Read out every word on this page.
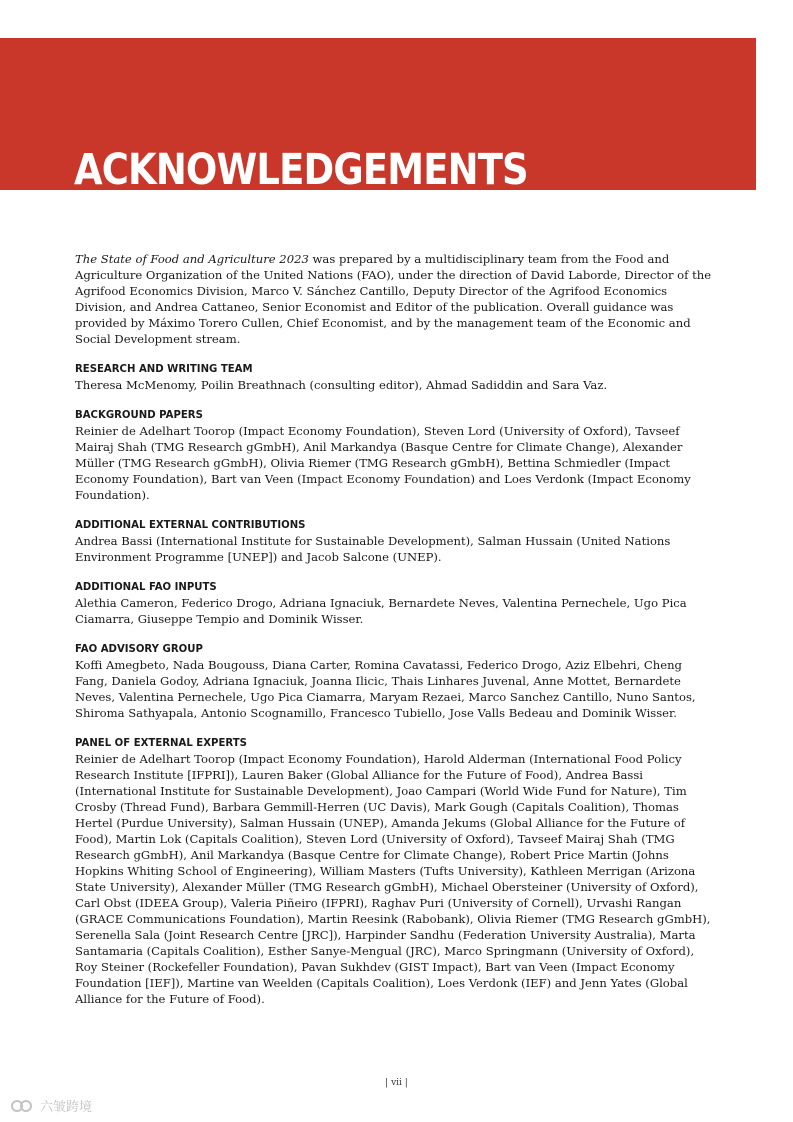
ACKNOWLEDGEMENTS

The State of Food and Agriculture 2023 was prepared by a multidisciplinary team from the Food and Agriculture Organization of the United Nations (FAO), under the direction of David Laborde, Director of the Agrifood Economics Division, Marco V. Sánchez Cantillo, Deputy Director of the Agrifood Economics Division, and Andrea Cattaneo, Senior Economist and Editor of the publication. Overall guidance was provided by Máximo Torero Cullen, Chief Economist, and by the management team of the Economic and Social Development stream.

RESEARCH AND WRITING TEAM

Theresa McMenomy, Poilin Breathnach (consulting editor), Ahmad Sadiddin and Sara Vaz.

BACKGROUND PAPERS

Reinier de Adelhart Toorop (Impact Economy Foundation), Steven Lord (University of Oxford), Tavseef Mairaj Shah (TMG Research gGmbH), Anil Markandya (Basque Centre for Climate Change), Alexander Müller (TMG Research gGmbH), Olivia Riemer (TMG Research gGmbH), Bettina Schmiedler (Impact Economy Foundation), Bart van Veen (Impact Economy Foundation) and Loes Verdonk (Impact Economy Foundation).

ADDITIONAL EXTERNAL CONTRIBUTIONS

Andrea Bassi (International Institute for Sustainable Development), Salman Hussain (United Nations Environment Programme [UNEP]) and Jacob Salcone (UNEP).

ADDITIONAL FAO INPUTS

Alethia Cameron, Federico Drogo, Adriana Ignaciuk, Bernardete Neves, Valentina Pernechele, Ugo Pica Ciamarra, Giuseppe Tempio and Dominik Wisser.

FAO ADVISORY GROUP

Koffi Amegbeto, Nada Bougouss, Diana Carter, Romina Cavatassi, Federico Drogo, Aziz Elbehri, Cheng Fang, Daniela Godoy, Adriana Ignaciuk, Joanna Ilicic, Thais Linhares Juvenal, Anne Mottet, Bernardete Neves, Valentina Pernechele, Ugo Pica Ciamarra, Maryam Rezaei, Marco Sanchez Cantillo, Nuno Santos, Shiroma Sathyapala, Antonio Scognamillo, Francesco Tubiello, Jose Valls Bedeau and Dominik Wisser.

PANEL OF EXTERNAL EXPERTS

Reinier de Adelhart Toorop (Impact Economy Foundation), Harold Alderman (International Food Policy Research Institute [IFPRI]), Lauren Baker (Global Alliance for the Future of Food), Andrea Bassi (International Institute for Sustainable Development), Joao Campari (World Wide Fund for Nature), Tim Crosby (Thread Fund), Barbara Gemmill-Herren (UC Davis), Mark Gough (Capitals Coalition), Thomas Hertel (Purdue University), Salman Hussain (UNEP), Amanda Jekums (Global Alliance for the Future of Food), Martin Lok (Capitals Coalition), Steven Lord (University of Oxford), Tavseef Mairaj Shah (TMG Research gGmbH), Anil Markandya (Basque Centre for Climate Change), Robert Price Martin (Johns Hopkins Whiting School of Engineering), William Masters (Tufts University), Kathleen Merrigan (Arizona State University), Alexander Müller (TMG Research gGmbH), Michael Obersteiner (University of Oxford), Carl Obst (IDEEA Group), Valeria Piñeiro (IFPRI), Raghav Puri (University of Cornell), Urvashi Rangan (GRACE Communications Foundation), Martin Reesink (Rabobank), Olivia Riemer (TMG Research gGmbH), Serenella Sala (Joint Research Centre [JRC]), Harpinder Sandhu (Federation University Australia), Marta Santamaria (Capitals Coalition), Esther Sanye-Mengual (JRC), Marco Springmann (University of Oxford), Roy Steiner (Rockefeller Foundation), Pavan Sukhdev (GIST Impact), Bart van Veen (Impact Economy Foundation [IEF]), Martine van Weelden (Capitals Coalition), Loes Verdonk (IEF) and Jenn Yates (Global Alliance for the Future of Food).

| vii |
六皱跨境
